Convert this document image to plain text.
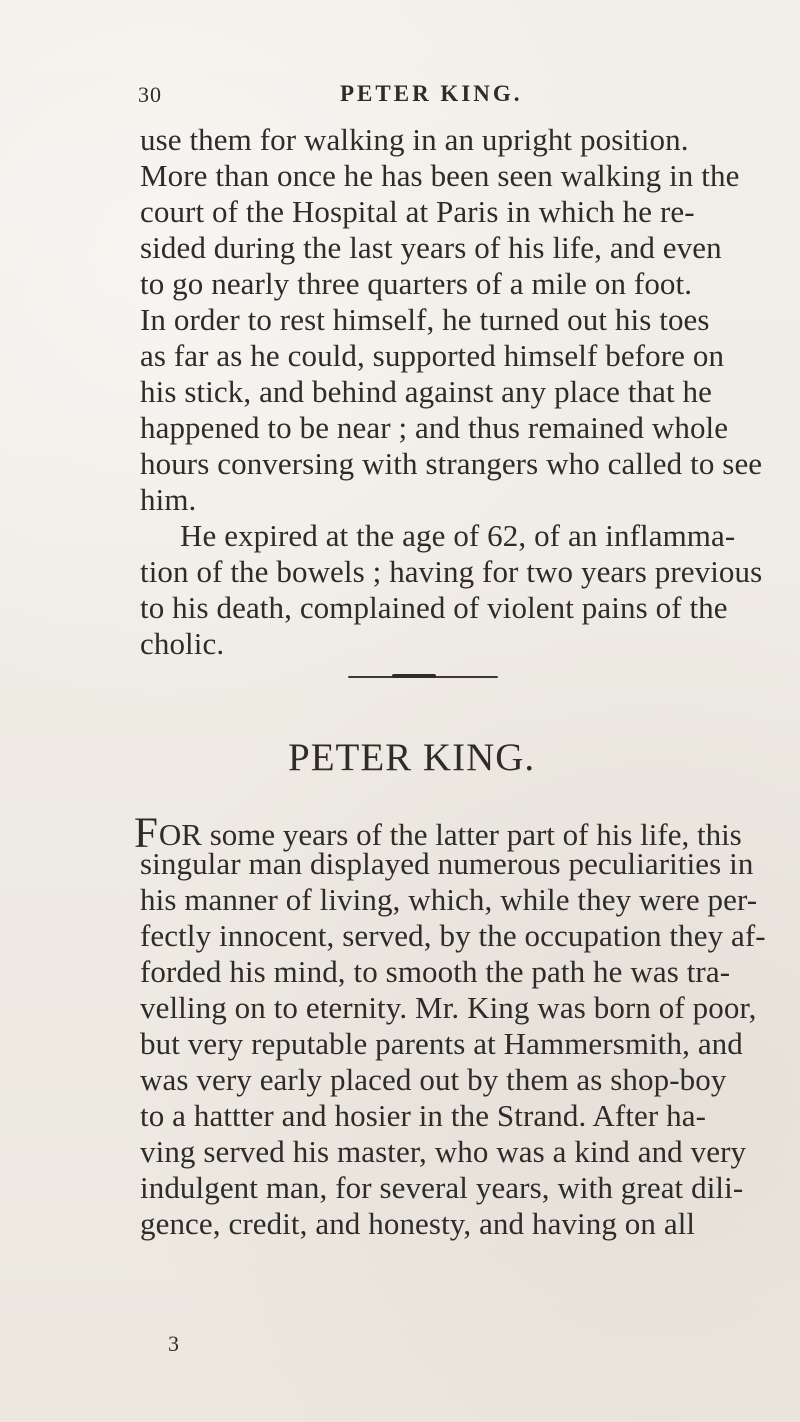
30	PETER KING.
use them for walking in an upright position.
More than once he has been seen walking in the
court of the Hospital at Paris in which he re-
sided during the last years of his life, and even
to go nearly three quarters of a mile on foot.
In order to rest himself, he turned out his toes
as far as he could, supported himself before on
his stick, and behind against any place that he
happened to be near ; and thus remained whole
hours conversing with strangers who called to see
him.
He expired at the age of 62, of an inflamma-
tion of the bowels ; having for two years previous
to his death, complained of violent pains of the
cholic.
PETER KING.
FOR some years of the latter part of his life, this
singular man displayed numerous peculiarities in
his manner of living, which, while they were per-
fectly innocent, served, by the occupation they af-
forded his mind, to smooth the path he was tra-
velling on to eternity. Mr. King was born of poor,
but very reputable parents at Hammersmith, and
was very early placed out by them as shop-boy
to a hattter and hosier in the Strand. After ha-
ving served his master, who was a kind and very
indulgent man, for several years, with great dili-
gence, credit, and honesty, and having on all
3
